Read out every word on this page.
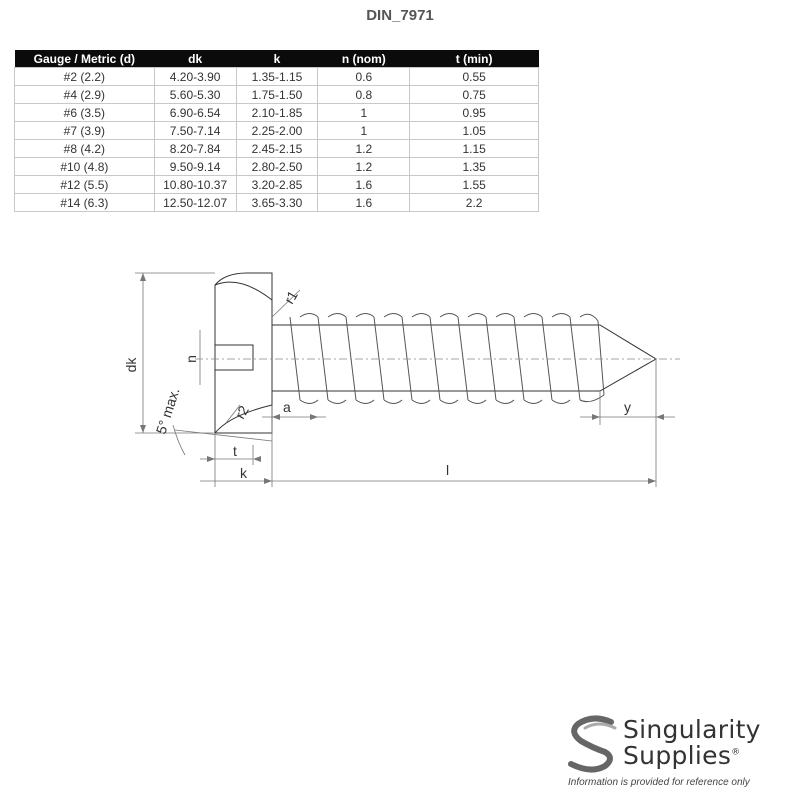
DIN_7971
Gauge / Metric (d)	dk	k	n (nom)	t (min)
#2 (2.2)	4.20-3.90	1.35-1.15	0.6	0.55
#4 (2.9)	5.60-5.30	1.75-1.50	0.8	0.75
#6 (3.5)	6.90-6.54	2.10-1.85	1	0.95
#7 (3.9)	7.50-7.14	2.25-2.00	1	1.05
#8 (4.2)	8.20-7.84	2.45-2.15	1.2	1.15
#10 (4.8)	9.50-9.14	2.80-2.50	1.2	1.35
#12 (5.5)	10.80-10.37	3.20-2.85	1.6	1.55
#14 (6.3)	12.50-12.07	3.65-3.30	1.6	2.2
dk	n
r1
r2
5° max.	a	y
t
k	l
Singularity
Supplies®
Information is provided for reference only
